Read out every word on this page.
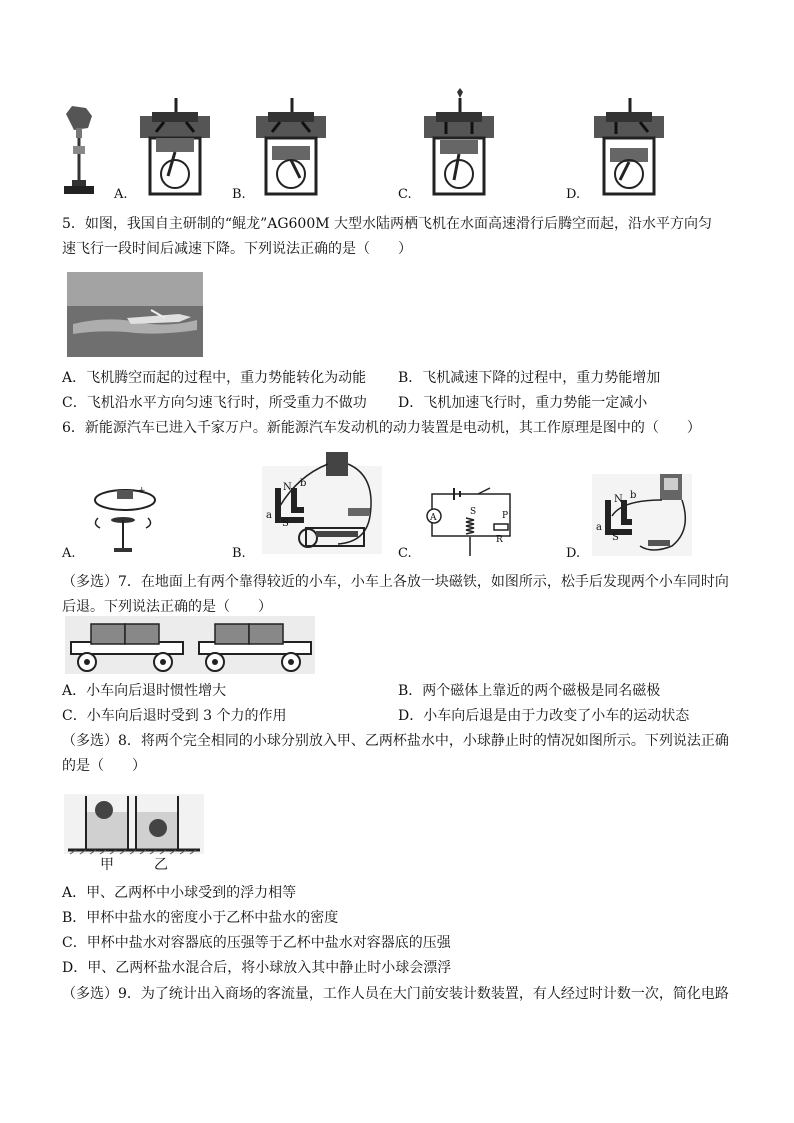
A.	B.	C.	D.
5．如图，我国自主研制的“鲲龙”AG600M 大型水陆两栖飞机在水面高速滑行后腾空而起，沿水平方向匀
速飞行一段时间后减速下降。下列说法正确的是（　　）
A．飞机腾空而起的过程中，重力势能转化为动能 B．飞机减速下降的过程中，重力势能增加
C．飞机沿水平方向匀速飞行时，所受重力不做功 D．飞机加速飞行时，重力势能一定减小
6．新能源汽车已进入千家万户。新能源汽车发动机的动力装置是电动机，其工作原理是图中的（　　）
+
A.	B.
N b
a
S
C.
A
S	P
R
D.
N b
a
S
（多选）7．在地面上有两个靠得较近的小车，小车上各放一块磁铁，如图所示，松手后发现两个小车同时向
后退。下列说法正确的是（　　）
A．小车向后退时惯性增大	B．两个磁体上靠近的两个磁极是同名磁极
C．小车向后退时受到 3 个力的作用	D．小车向后退是由于力改变了小车的运动状态
（多选）8．将两个完全相同的小球分别放入甲、乙两杯盐水中，小球静止时的情况如图所示。下列说法正确
的是（　　）
甲	乙
A．甲、乙两杯中小球受到的浮力相等
B．甲杯中盐水的密度小于乙杯中盐水的密度
C．甲杯中盐水对容器底的压强等于乙杯中盐水对容器底的压强
D．甲、乙两杯盐水混合后，将小球放入其中静止时小球会漂浮
（多选）9．为了统计出入商场的客流量，工作人员在大门前安装计数装置，有人经过时计数一次，简化电路
